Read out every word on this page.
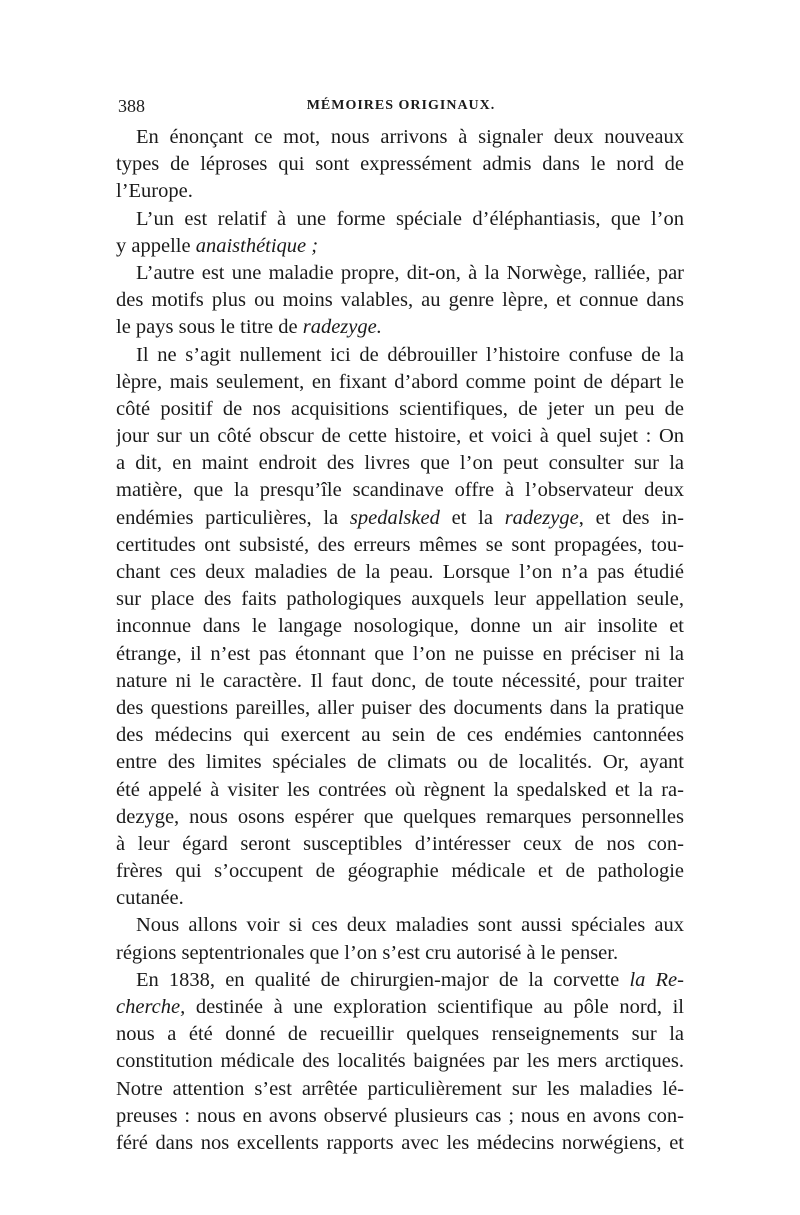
388	MÉMOIRES ORIGINAUX.
En énonçant ce mot, nous arrivons à signaler deux nouveaux
types de léproses qui sont expressément admis dans le nord de
l’Europe.
L’un est relatif à une forme spéciale d’éléphantiasis, que l’on
y appelle anaisthétique ;
L’autre est une maladie propre, dit-on, à la Norwège, ralliée, par
des motifs plus ou moins valables, au genre lèpre, et connue dans
le pays sous le titre de radezyge.
Il ne s’agit nullement ici de débrouiller l’histoire confuse de la
lèpre, mais seulement, en fixant d’abord comme point de départ le
côté positif de nos acquisitions scientifiques, de jeter un peu de
jour sur un côté obscur de cette histoire, et voici à quel sujet : On
a dit, en maint endroit des livres que l’on peut consulter sur la
matière, que la presqu’île scandinave offre à l’observateur deux
endémies particulières, la spedalsked et la radezyge, et des in-
certitudes ont subsisté, des erreurs mêmes se sont propagées, tou-
chant ces deux maladies de la peau. Lorsque l’on n’a pas étudié
sur place des faits pathologiques auxquels leur appellation seule,
inconnue dans le langage nosologique, donne un air insolite et
étrange, il n’est pas étonnant que l’on ne puisse en préciser ni la
nature ni le caractère. Il faut donc, de toute nécessité, pour traiter
des questions pareilles, aller puiser des documents dans la pratique
des médecins qui exercent au sein de ces endémies cantonnées
entre des limites spéciales de climats ou de localités. Or, ayant
été appelé à visiter les contrées où règnent la spedalsked et la ra-
dezyge, nous osons espérer que quelques remarques personnelles
à leur égard seront susceptibles d’intéresser ceux de nos con-
frères qui s’occupent de géographie médicale et de pathologie
cutanée.
Nous allons voir si ces deux maladies sont aussi spéciales aux
régions septentrionales que l’on s’est cru autorisé à le penser.
En 1838, en qualité de chirurgien-major de la corvette la Re-
cherche, destinée à une exploration scientifique au pôle nord, il
nous a été donné de recueillir quelques renseignements sur la
constitution médicale des localités baignées par les mers arctiques.
Notre attention s’est arrêtée particulièrement sur les maladies lé-
preuses : nous en avons observé plusieurs cas ; nous en avons con-
féré dans nos excellents rapports avec les médecins norwégiens, et
